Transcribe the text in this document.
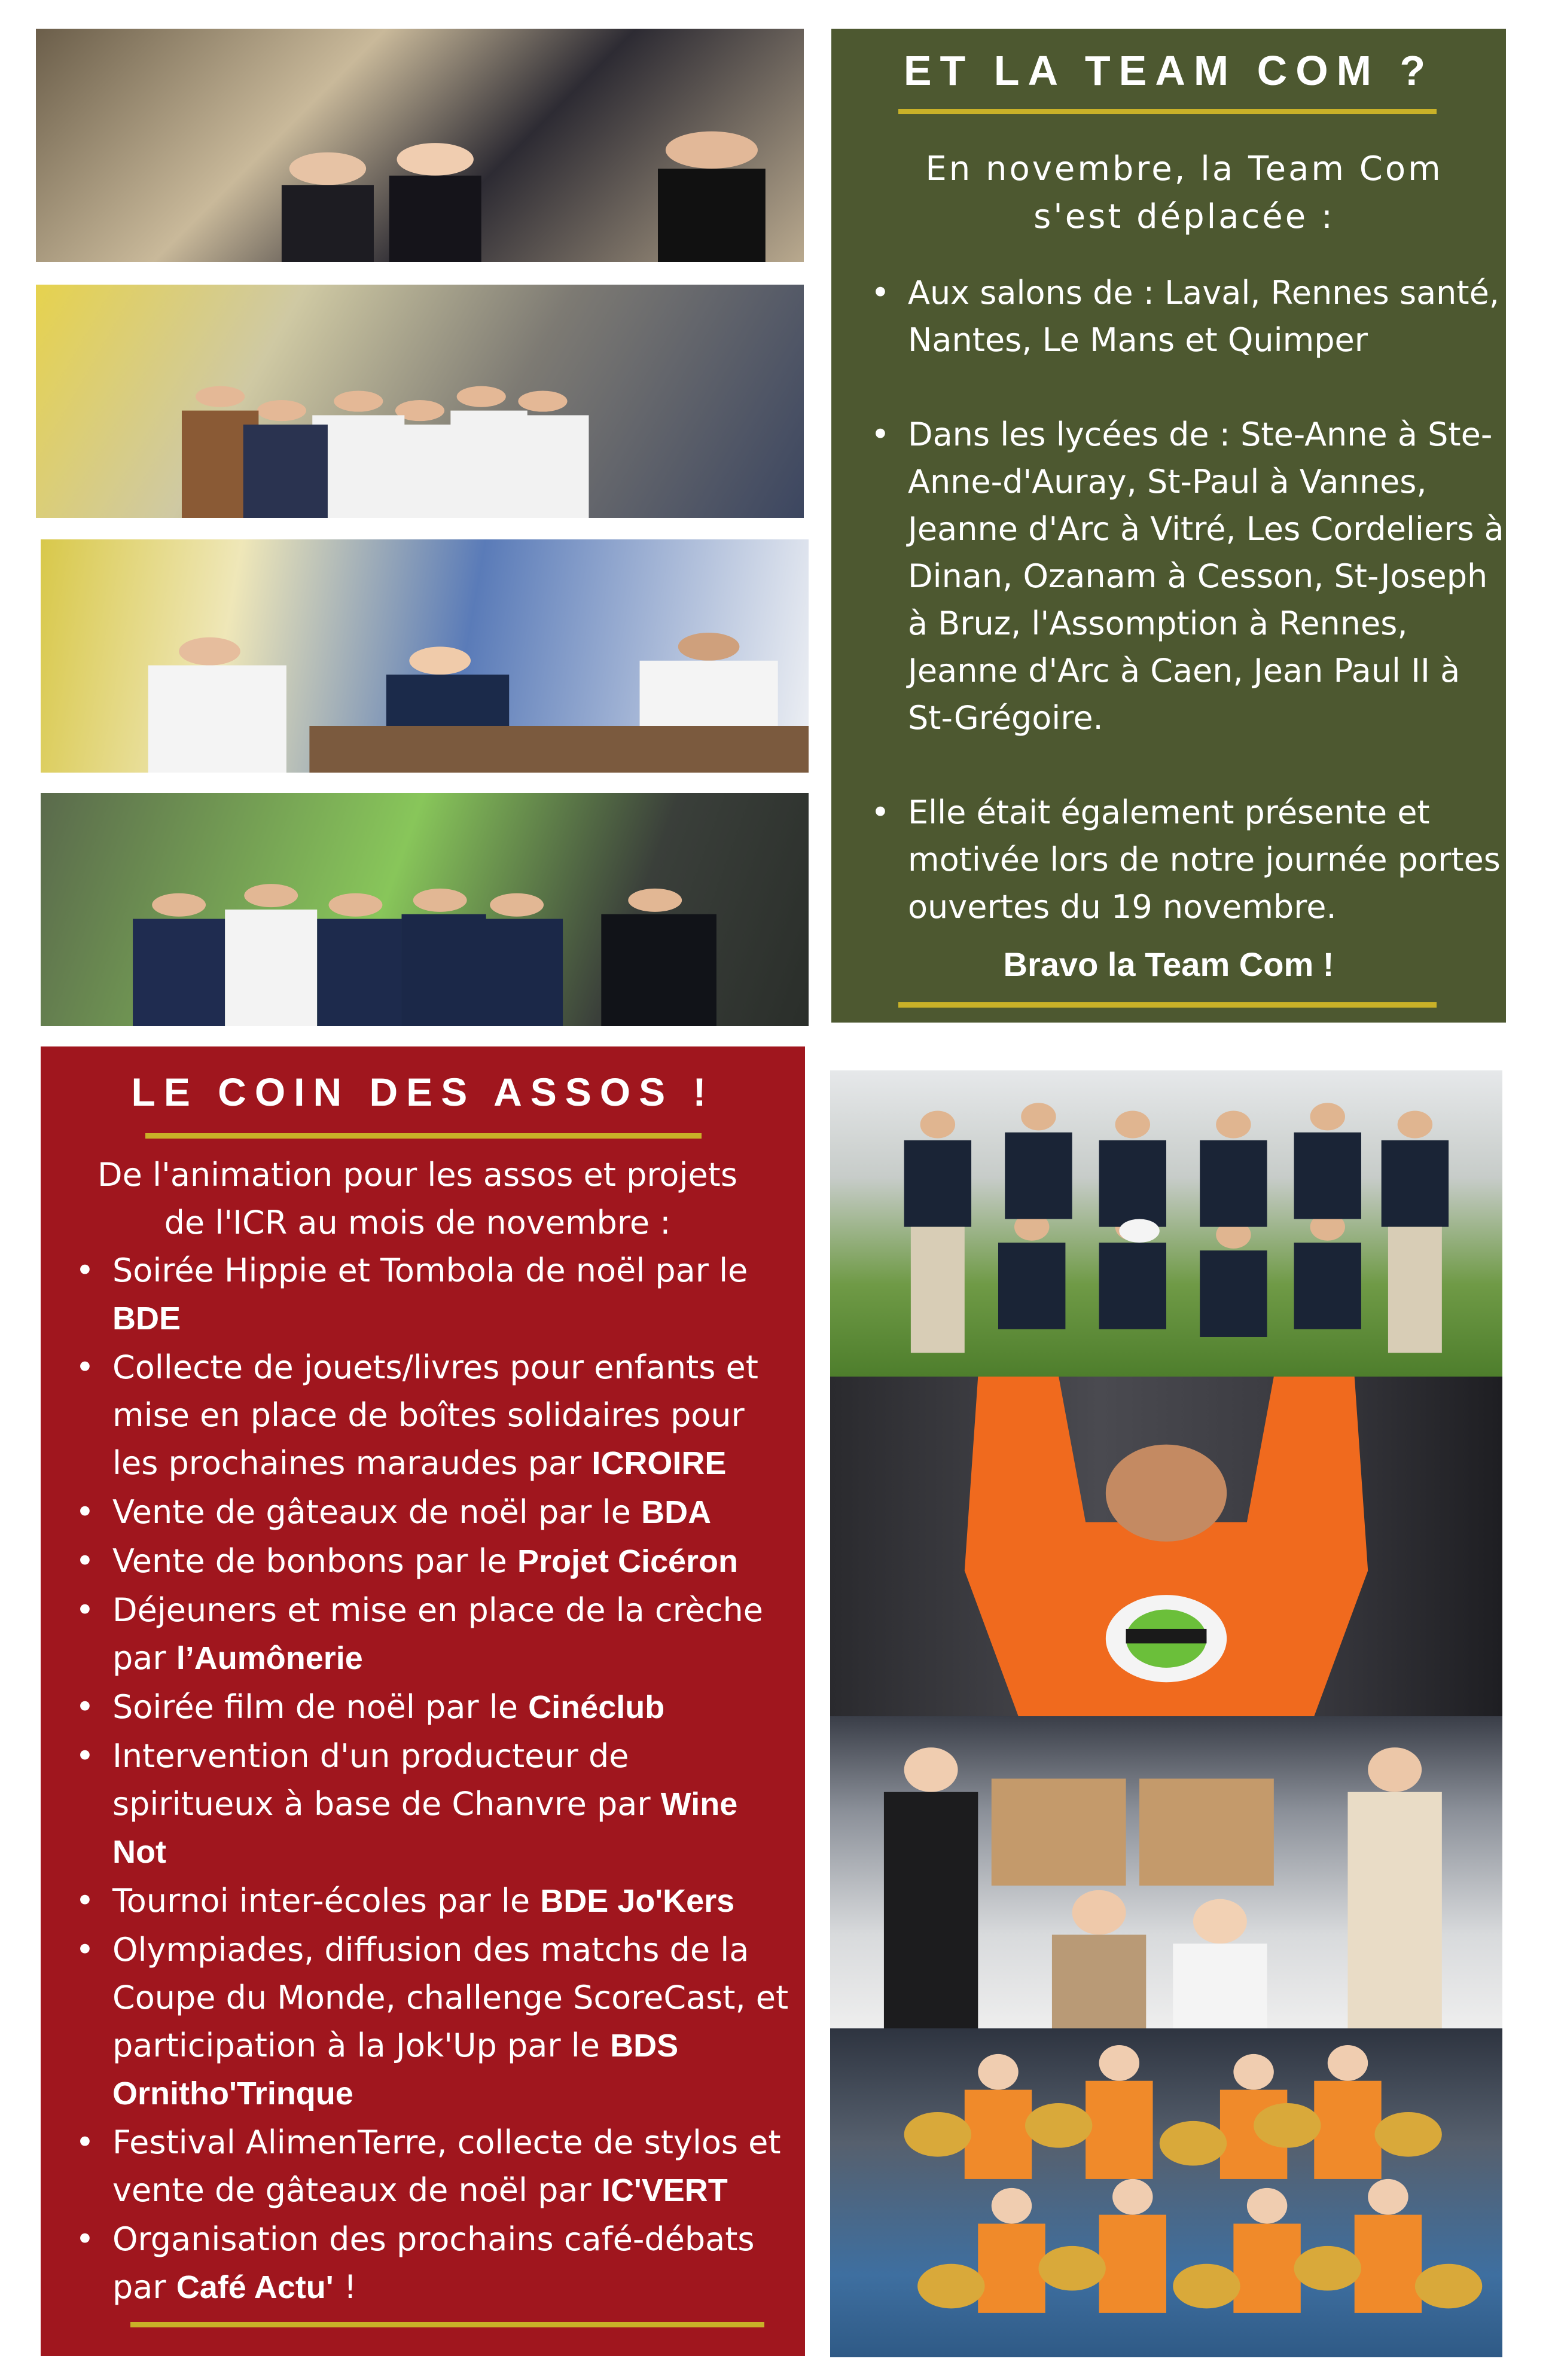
ET LA TEAM COM ?
En novembre, la Team Com s'est déplacée :
• Aux salons de : Laval, Rennes santé, Nantes, Le Mans et Quimper
• Dans les lycées de : Ste-Anne à Ste-Anne-d'Auray, St-Paul à Vannes, Jeanne d'Arc à Vitré, Les Cordeliers à Dinan, Ozanam à Cesson, St-Joseph à Bruz, l'Assomption à Rennes, Jeanne d'Arc à Caen, Jean Paul II à St-Grégoire.
• Elle était également présente et motivée lors de notre journée portes ouvertes du 19 novembre.
Bravo la Team Com !
LE COIN DES ASSOS !
De l'animation pour les assos et projets de l'ICR au mois de novembre :
• Soirée Hippie et Tombola de noël par le BDE
• Collecte de jouets/livres pour enfants et mise en place de boîtes solidaires pour les prochaines maraudes par ICROIRE
• Vente de gâteaux de noël par le BDA
• Vente de bonbons par le Projet Cicéron
• Déjeuners et mise en place de la crèche par l’Aumônerie
• Soirée film de noël par le Cinéclub
• Intervention d'un producteur de spiritueux à base de Chanvre par Wine Not
• Tournoi inter-écoles par le BDE Jo'Kers
• Olympiades, diffusion des matchs de la Coupe du Monde, challenge ScoreCast, et participation à la Jok'Up par le BDS Ornitho'Trinque
• Festival AlimenTerre, collecte de stylos et vente de gâteaux de noël par IC'VERT
• Organisation des prochains café-débats par Café Actu' !
